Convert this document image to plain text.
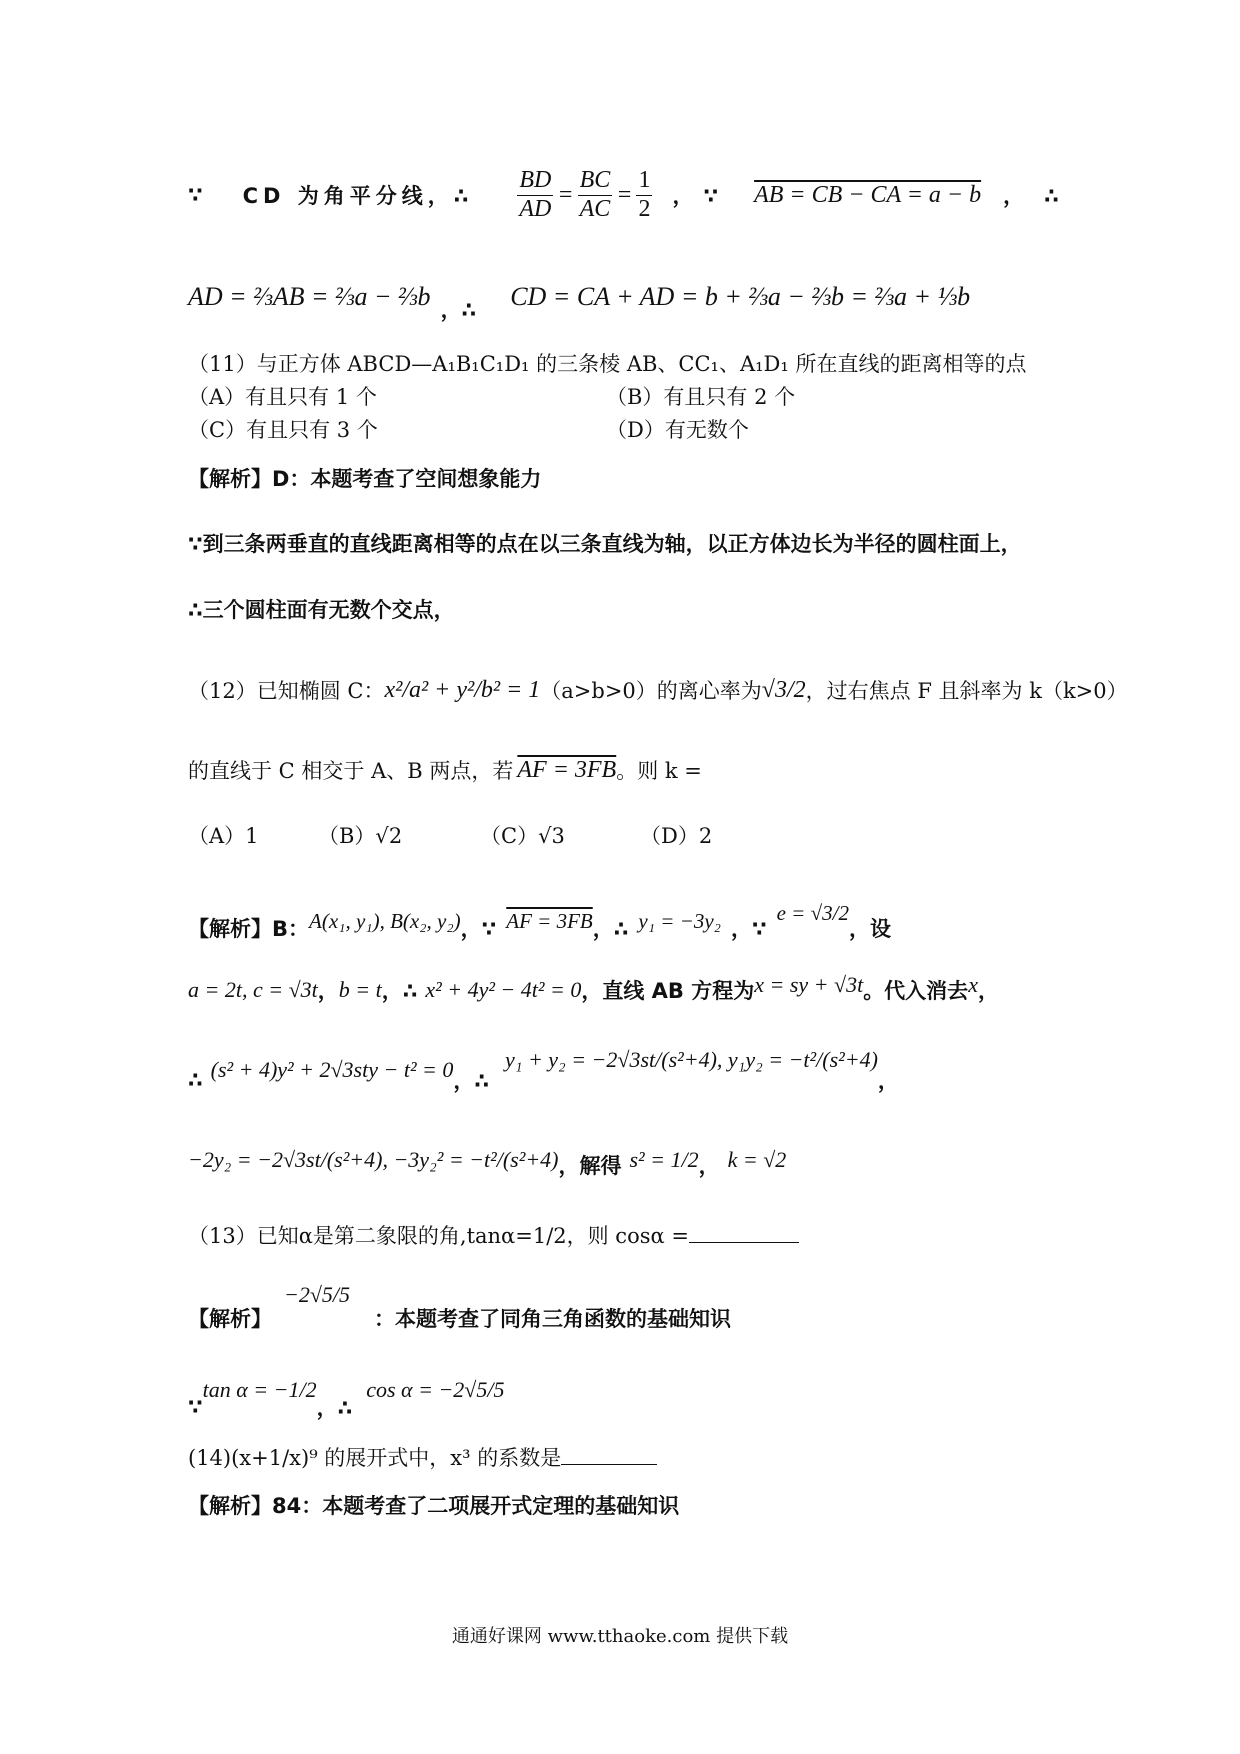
∵ CD 为角平分线，∴ $\frac{BD}{AD} = \frac{BC}{AC} = \frac{1}{2}$ ，∵ AB = CB − CA = a − b ，∴
AD = ⅔AB = ⅔a − ⅔b ，∴ CD = CA + AD = b + ⅔a − ⅔b = ⅔a + ⅓b
（11）与正方体 ABCD—A₁B₁C₁D₁ 的三条棱 AB、CC₁、A₁D₁ 所在直线的距离相等的点
（A）有且只有 1 个	（B）有且只有 2 个
（C）有且只有 3 个	（D）有无数个
【解析】D：本题考查了空间想象能力
∵到三条两垂直的直线距离相等的点在以三条直线为轴，以正方体边长为半径的圆柱面上，
∴三个圆柱面有无数个交点，
（12）已知椭圆 C： x²/a² + y²/b² = 1 （a>b>0）的离心率为 √3/2 ，过右焦点 F 且斜率为 k（k>0）
的直线于 C 相交于 A、B 两点，若 AF = 3FB 。则 k =
（A）1	（B）√2	（C）√3	（D）2
【解析】B： A(x₁, y₁), B(x₂, y₂) ，∵ AF = 3FB ，∴ y₁ = −3y₂ ，∵
e = √3/2
，设
a = 2t, c = √3t ， b = t ，∴ x² + 4y² − 4t² = 0 ，直线 AB 方程为 x = sy + √3t 。代入消去 x ，
∴ (s² + 4)y² + 2√3sty − t² = 0 ，∴
y₁ + y₂ = −2√3st/(s²+4), y₁y₂ = −t²/(s²+4)
，
−2y₂ = −2√3st/(s²+4), −3y₂² = −t²/(s²+4) ，解得 s² = 1/2 ， k = √2
（13）已知α是第二象限的角,tanα=1/2，则 cosα =
【解析】
−2√5/5
：本题考查了同角三角函数的基础知识
∵
tan α = −1/2
，∴
cos α = −2√5/5
(14)(x+1/x)⁹ 的展开式中，x³ 的系数是
【解析】84：本题考查了二项展开式定理的基础知识
通通好课网 www.tthaoke.com 提供下载
